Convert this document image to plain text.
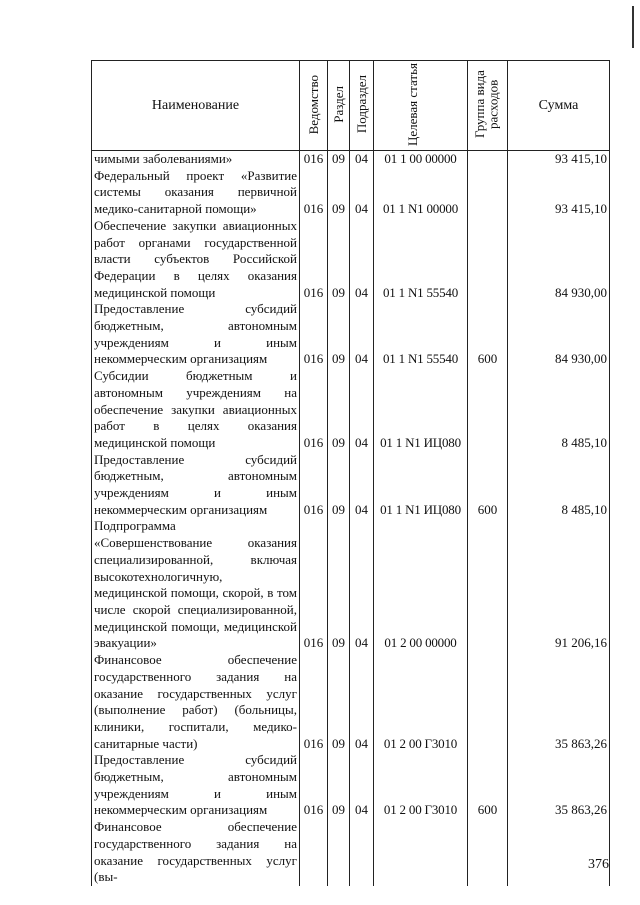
Наименование	Ведомство	Раздел	Подраздел	Целевая статья	Группа вида расходов	Сумма
чимыми заболеваниями»	016	09	04	01 1 00 00000		93 415,10
Федеральный проект «Развитие системы оказания первичной медико-санитарной помощи»	016	09	04	01 1 N1 00000		93 415,10
Обеспечение закупки авиационных работ органами государственной власти субъектов Российской Федерации в целях оказания медицинской помощи	016	09	04	01 1 N1 55540		84 930,00
Предоставление субсидий бюджетным, автономным учреждениям и иным некоммерческим организациям	016	09	04	01 1 N1 55540	600	84 930,00
Субсидии бюджетным и автономным учреждениям на обеспечение закупки авиационных работ в целях оказания медицинской помощи	016	09	04	01 1 N1 ИЦ080		8 485,10
Предоставление субсидий бюджетным, автономным учреждениям и иным некоммерческим организациям	016	09	04	01 1 N1 ИЦ080	600	8 485,10
Подпрограмма «Совершенствование оказания специализированной, включая высокотехнологичную, медицинской помощи, скорой, в том числе скорой специализированной, медицинской помощи, медицинской эвакуации»	016	09	04	01 2 00 00000		91 206,16
Финансовое обеспечение государственного задания на оказание государственных услуг (выполнение работ) (больницы, клиники, госпитали, медико-санитарные части)	016	09	04	01 2 00 Г3010		35 863,26
Предоставление субсидий бюджетным, автономным учреждениям и иным некоммерческим организациям	016	09	04	01 2 00 Г3010	600	35 863,26
Финансовое обеспечение государственного задания на оказание государственных услуг (вы-						
376
